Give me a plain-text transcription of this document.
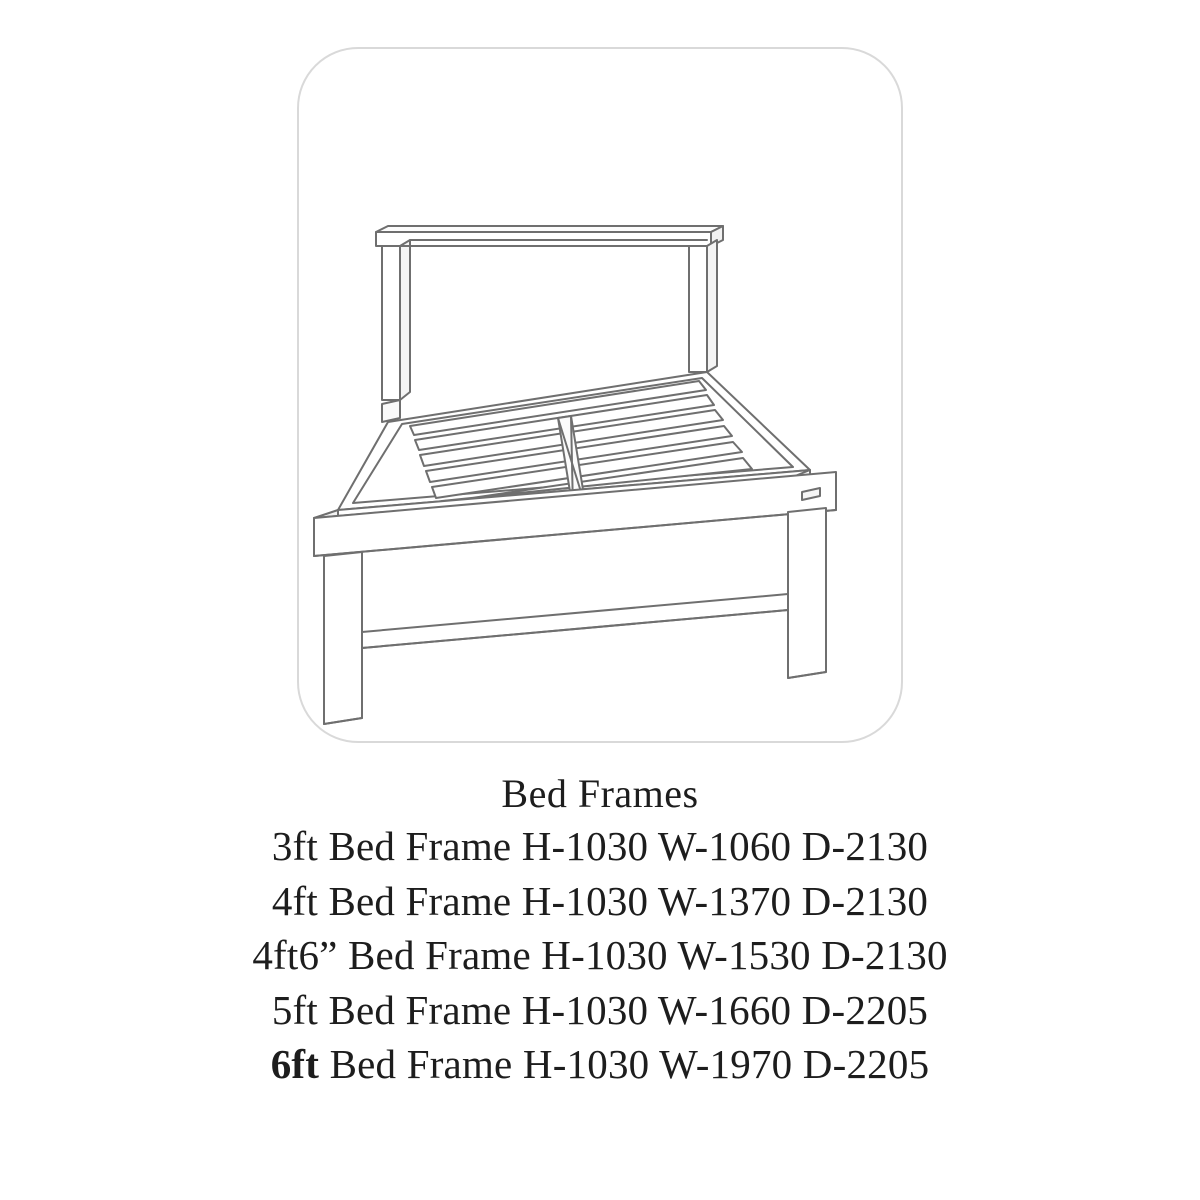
Bed Frames
3ft Bed Frame H-1030 W-1060 D-2130
4ft Bed Frame H-1030 W-1370 D-2130
4ft6” Bed Frame H-1030 W-1530 D-2130
5ft Bed Frame H-1030 W-1660 D-2205
6ft Bed Frame H-1030 W-1970 D-2205
